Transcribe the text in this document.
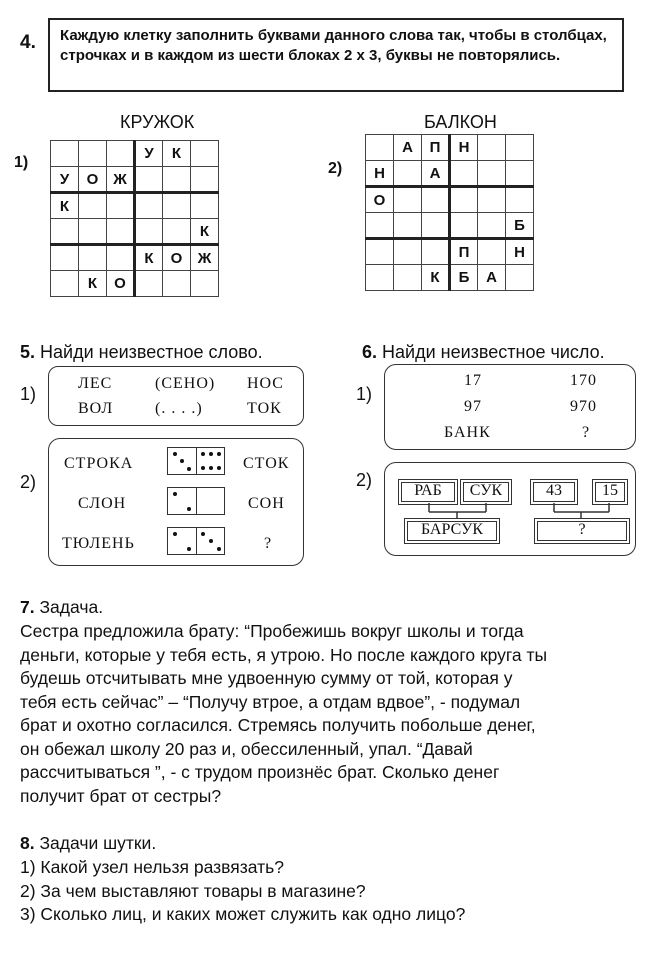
4.	Каждую клетку заполнить буквами данного слова так, чтобы в столбцах, строчках и в каждом из шести блоках 2 х 3, буквы не повторялись.
КРУЖОК	БАЛКОН
1)	2)
			У	К	
У	О	Ж			
К					
					К
			К	О	Ж
	К	О			
	А	П	Н		
Н		А			
О					
					Б
			П		Н
		К	Б	А	
5. Найди неизвестное слово.
1)
ЛЕС	(СЕНО) НОС
ВОЛ	(. . . .)	ТОК
2)
СТРОКА	СТОК
СЛОН	СОН
ТЮЛЕНЬ	?
6. Найди неизвестное число.
1)
17	170
97	970
БАНК	?
2)
РАБ	СУК	43	15
БАРСУК	?
7. Задача.
Сестра предложила брату: “Пробежишь вокруг школы и тогда
деньги, которые у тебя есть, я утрою. Но после каждого круга ты
будешь отсчитывать мне удвоенную сумму от той, которая у
тебя есть сейчас” – “Получу втрое, а отдам вдвое”, - подумал
брат и охотно согласился. Стремясь получить побольше денег,
он обежал школу 20 раз и, обессиленный, упал. “Давай
рассчитываться ”, - с трудом произнёс брат. Сколько денег
получит брат от сестры?
8. Задачи шутки.
1) Какой узел нельзя развязать?
2) За чем выставляют товары в магазине?
3) Сколько лиц, и каких может служить как одно лицо?
